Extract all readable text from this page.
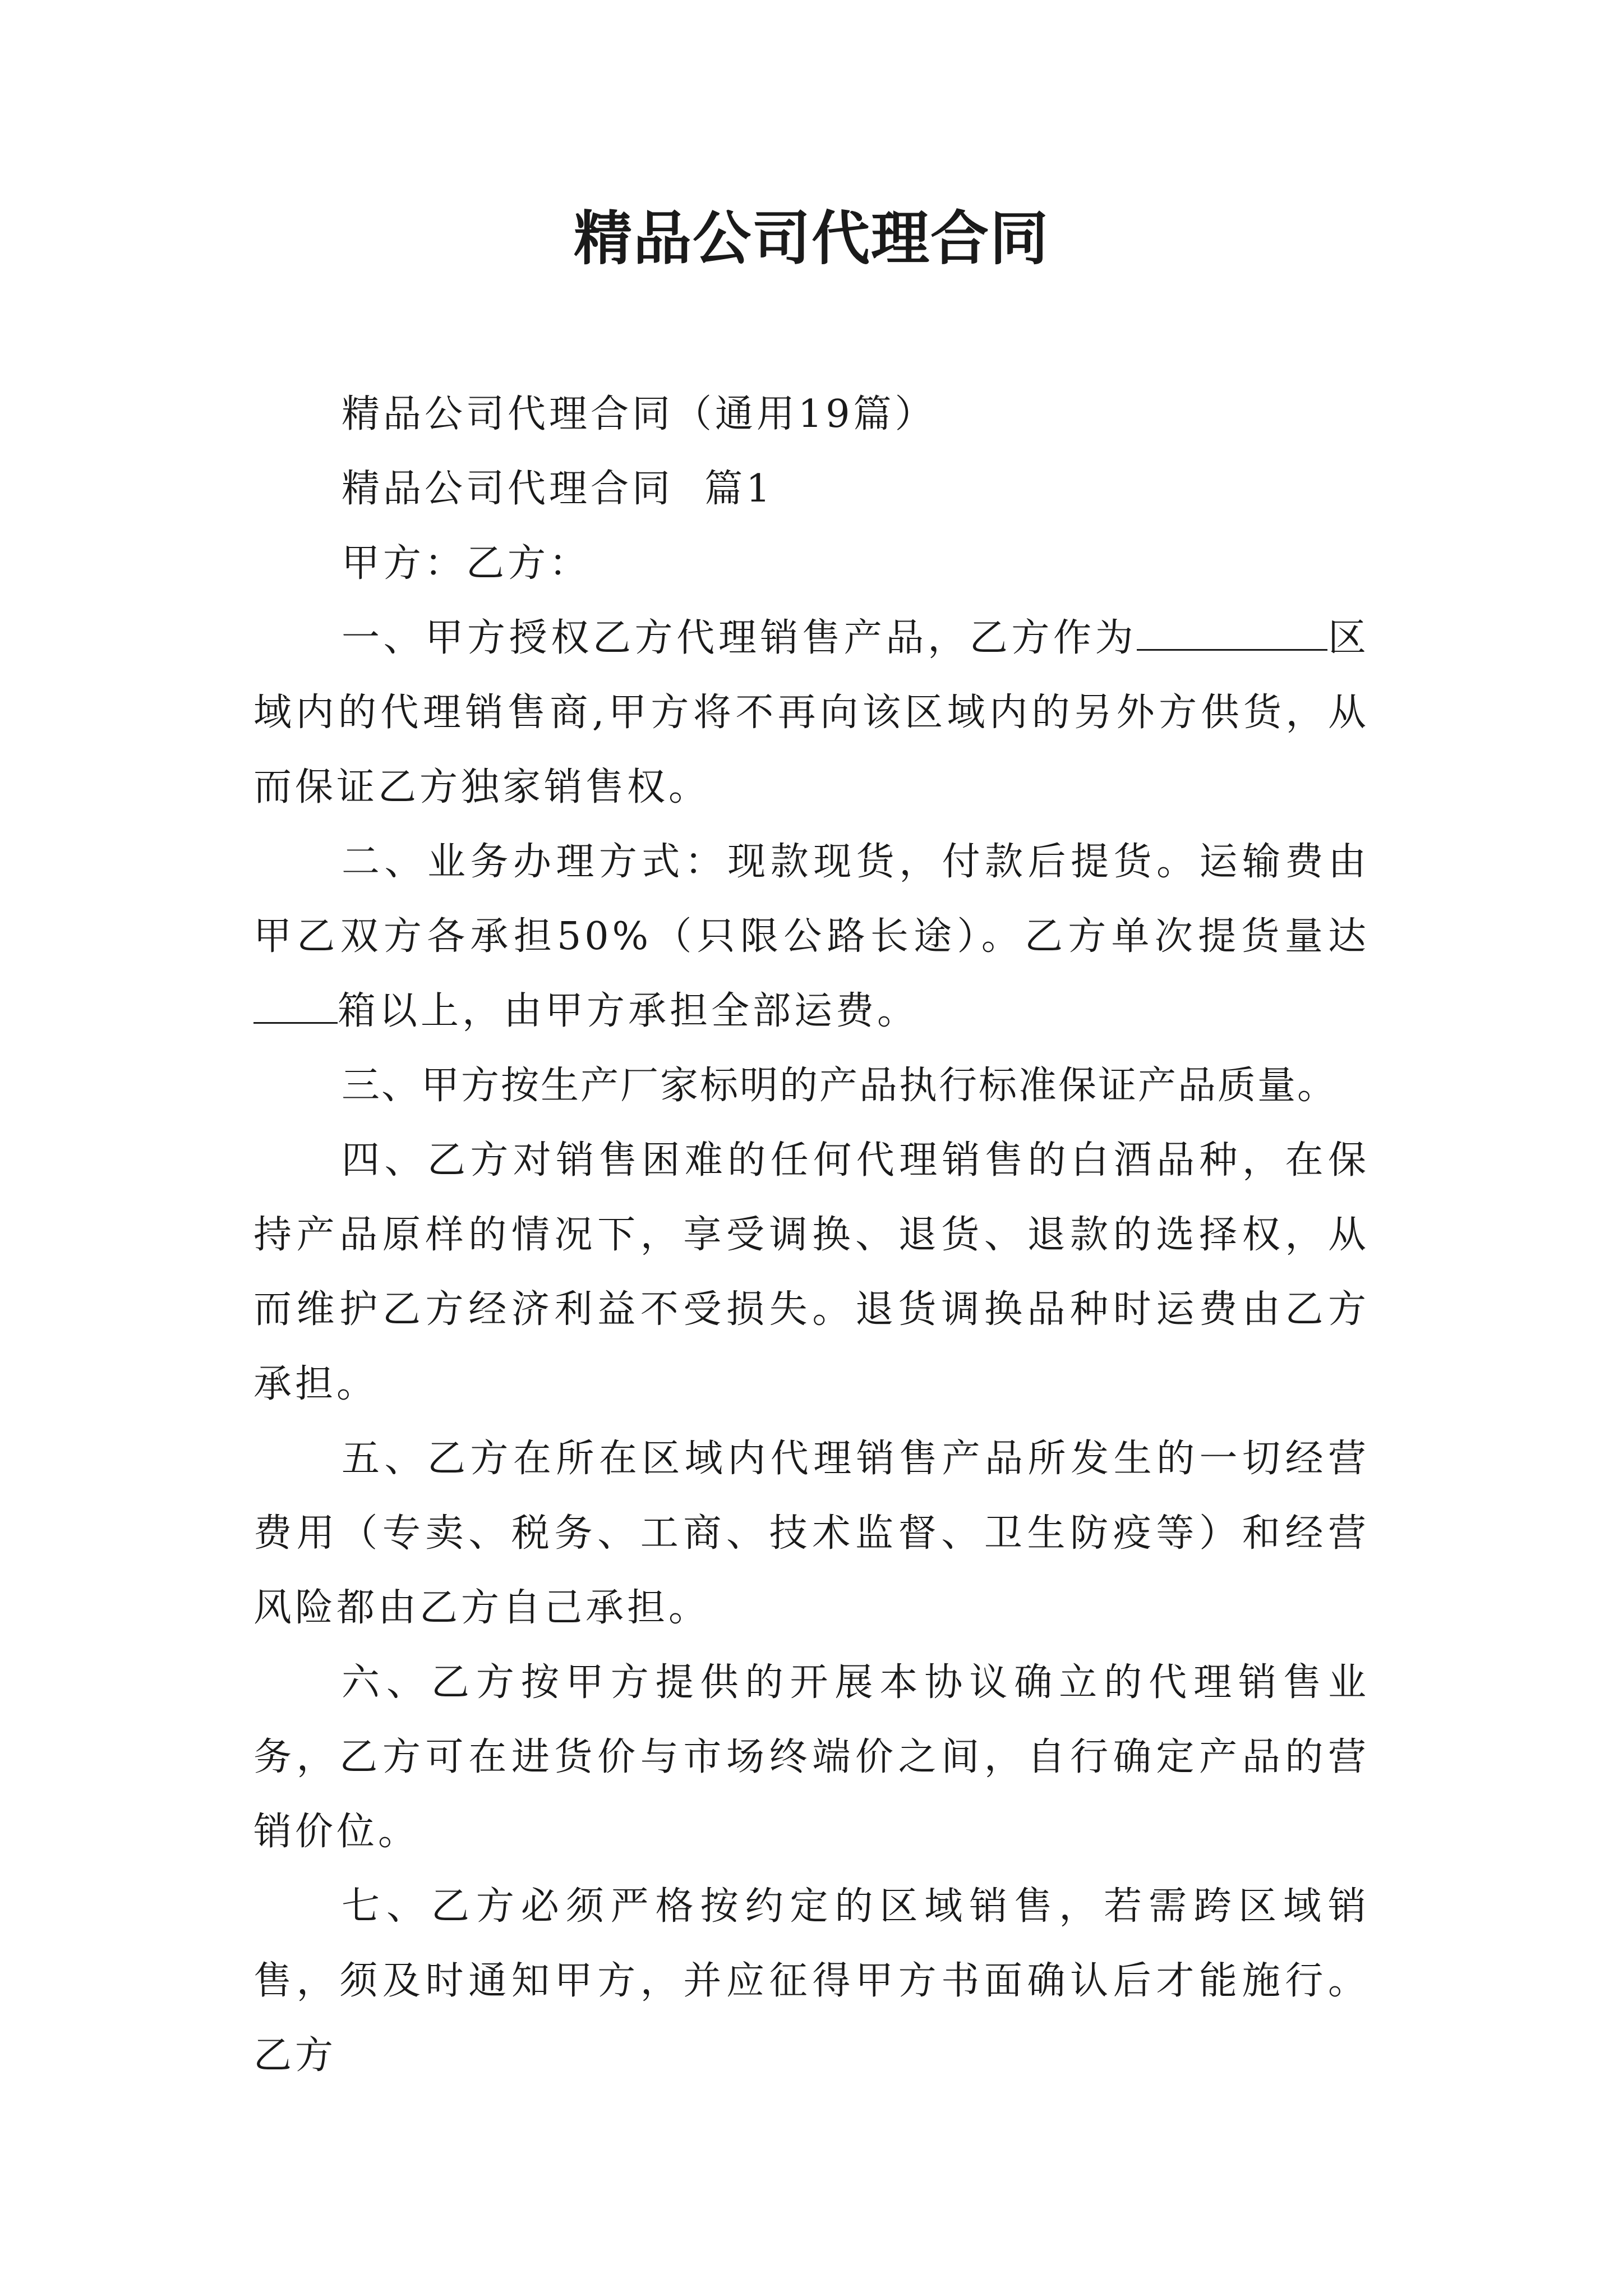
精品公司代理合同

精品公司代理合同（通用19篇）

精品公司代理合同  篇1

甲方：乙方：

一、甲方授权乙方代理销售产品，乙方作为	区域内的代理销售商,甲方将不再向该区域内的另外方供货，从而保证乙方独家销售权。

二、业务办理方式：现款现货，付款后提货。运输费由甲乙双方各承担50%（只限公路长途）。乙方单次提货量达箱以上，由甲方承担全部运费。

三、甲方按生产厂家标明的产品执行标准保证产品质量。

四、乙方对销售困难的任何代理销售的白酒品种，在保持产品原样的情况下，享受调换、退货、退款的选择权，从而维护乙方经济利益不受损失。退货调换品种时运费由乙方承担。

五、乙方在所在区域内代理销售产品所发生的一切经营费用（专卖、税务、工商、技术监督、卫生防疫等）和经营风险都由乙方自己承担。

六、乙方按甲方提供的开展本协议确立的代理销售业务，乙方可在进货价与市场终端价之间，自行确定产品的营销价位。

七、乙方必须严格按约定的区域销售，若需跨区域销售，须及时通知甲方，并应征得甲方书面确认后才能施行。乙方
